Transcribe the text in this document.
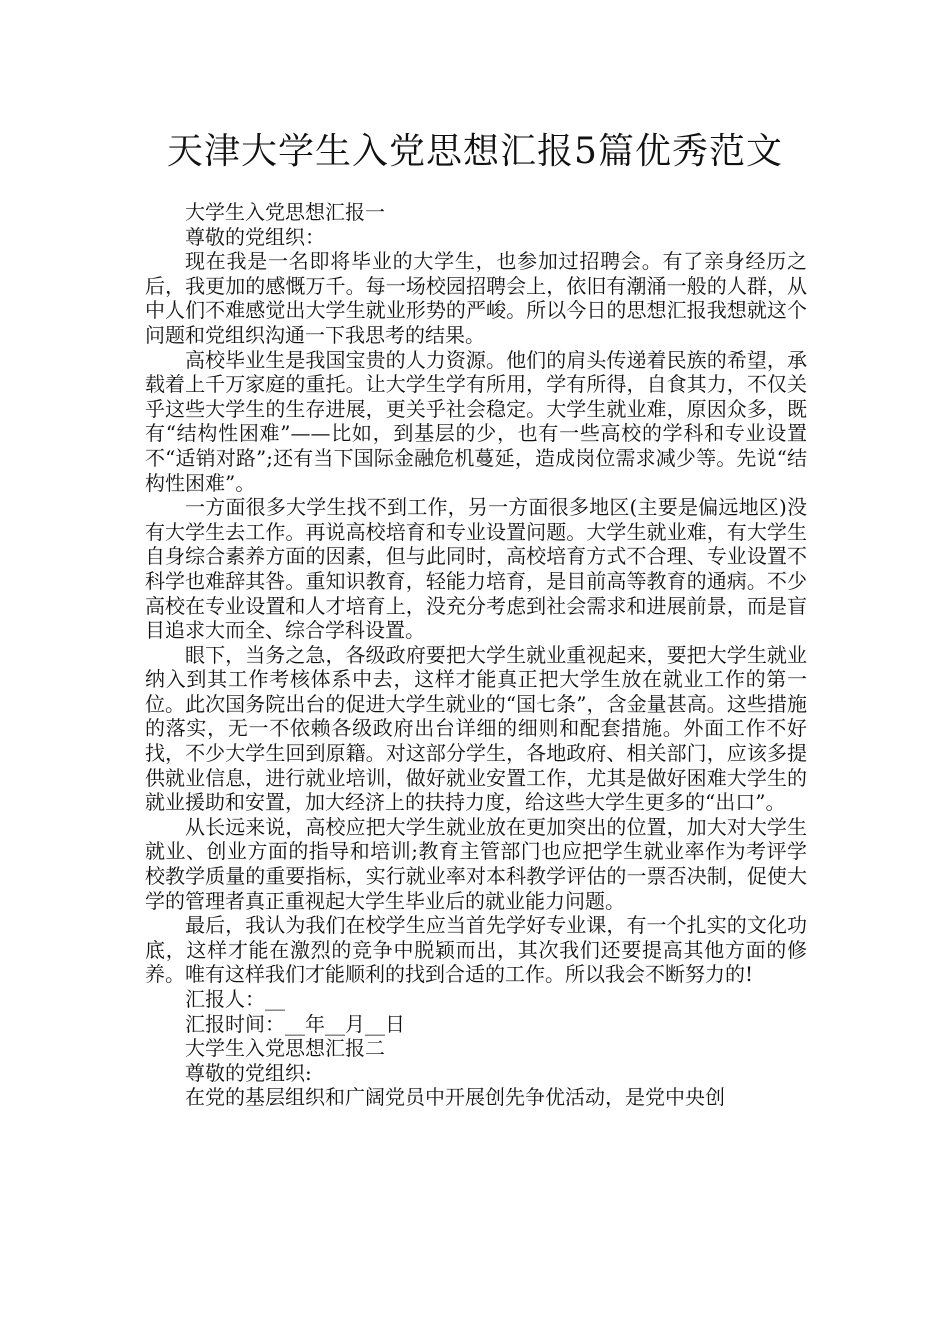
天津大学生入党思想汇报5篇优秀范文

大学生入党思想汇报一

尊敬的党组织：

现在我是一名即将毕业的大学生，也参加过招聘会。有了亲身经历之后，我更加的感慨万千。每一场校园招聘会上，依旧有潮涌一般的人群，从中人们不难感觉出大学生就业形势的严峻。所以今日的思想汇报我想就这个问题和党组织沟通一下我思考的结果。

高校毕业生是我国宝贵的人力资源。他们的肩头传递着民族的希望，承载着上千万家庭的重托。让大学生学有所用，学有所得，自食其力，不仅关乎这些大学生的生存进展，更关乎社会稳定。大学生就业难，原因众多，既有“结构性困难”——比如，到基层的少，也有一些高校的学科和专业设置不“适销对路”;还有当下国际金融危机蔓延，造成岗位需求减少等。先说“结构性困难”。

一方面很多大学生找不到工作，另一方面很多地区(主要是偏远地区)没有大学生去工作。再说高校培育和专业设置问题。大学生就业难，有大学生自身综合素养方面的因素，但与此同时，高校培育方式不合理、专业设置不科学也难辞其咎。重知识教育，轻能力培育，是目前高等教育的通病。不少高校在专业设置和人才培育上，没充分考虑到社会需求和进展前景，而是盲目追求大而全、综合学科设置。

眼下，当务之急，各级政府要把大学生就业重视起来，要把大学生就业纳入到其工作考核体系中去，这样才能真正把大学生放在就业工作的第一位。此次国务院出台的促进大学生就业的“国七条”，含金量甚高。这些措施的落实，无一不依赖各级政府出台详细的细则和配套措施。外面工作不好找，不少大学生回到原籍。对这部分学生，各地政府、相关部门，应该多提供就业信息，进行就业培训，做好就业安置工作，尤其是做好困难大学生的就业援助和安置，加大经济上的扶持力度，给这些大学生更多的“出口”。

从长远来说，高校应把大学生就业放在更加突出的位置，加大对大学生就业、创业方面的指导和培训;教育主管部门也应把学生就业率作为考评学校教学质量的重要指标，实行就业率对本科教学评估的一票否决制，促使大学的管理者真正重视起大学生毕业后的就业能力问题。

最后，我认为我们在校学生应当首先学好专业课，有一个扎实的文化功底，这样才能在激烈的竞争中脱颖而出，其次我们还要提高其他方面的修养。唯有这样我们才能顺利的找到合适的工作。所以我会不断努力的!

汇报人：__

汇报时间：__年__月__日

大学生入党思想汇报二

尊敬的党组织:

在党的基层组织和广阔党员中开展创先争优活动，是党中央创
